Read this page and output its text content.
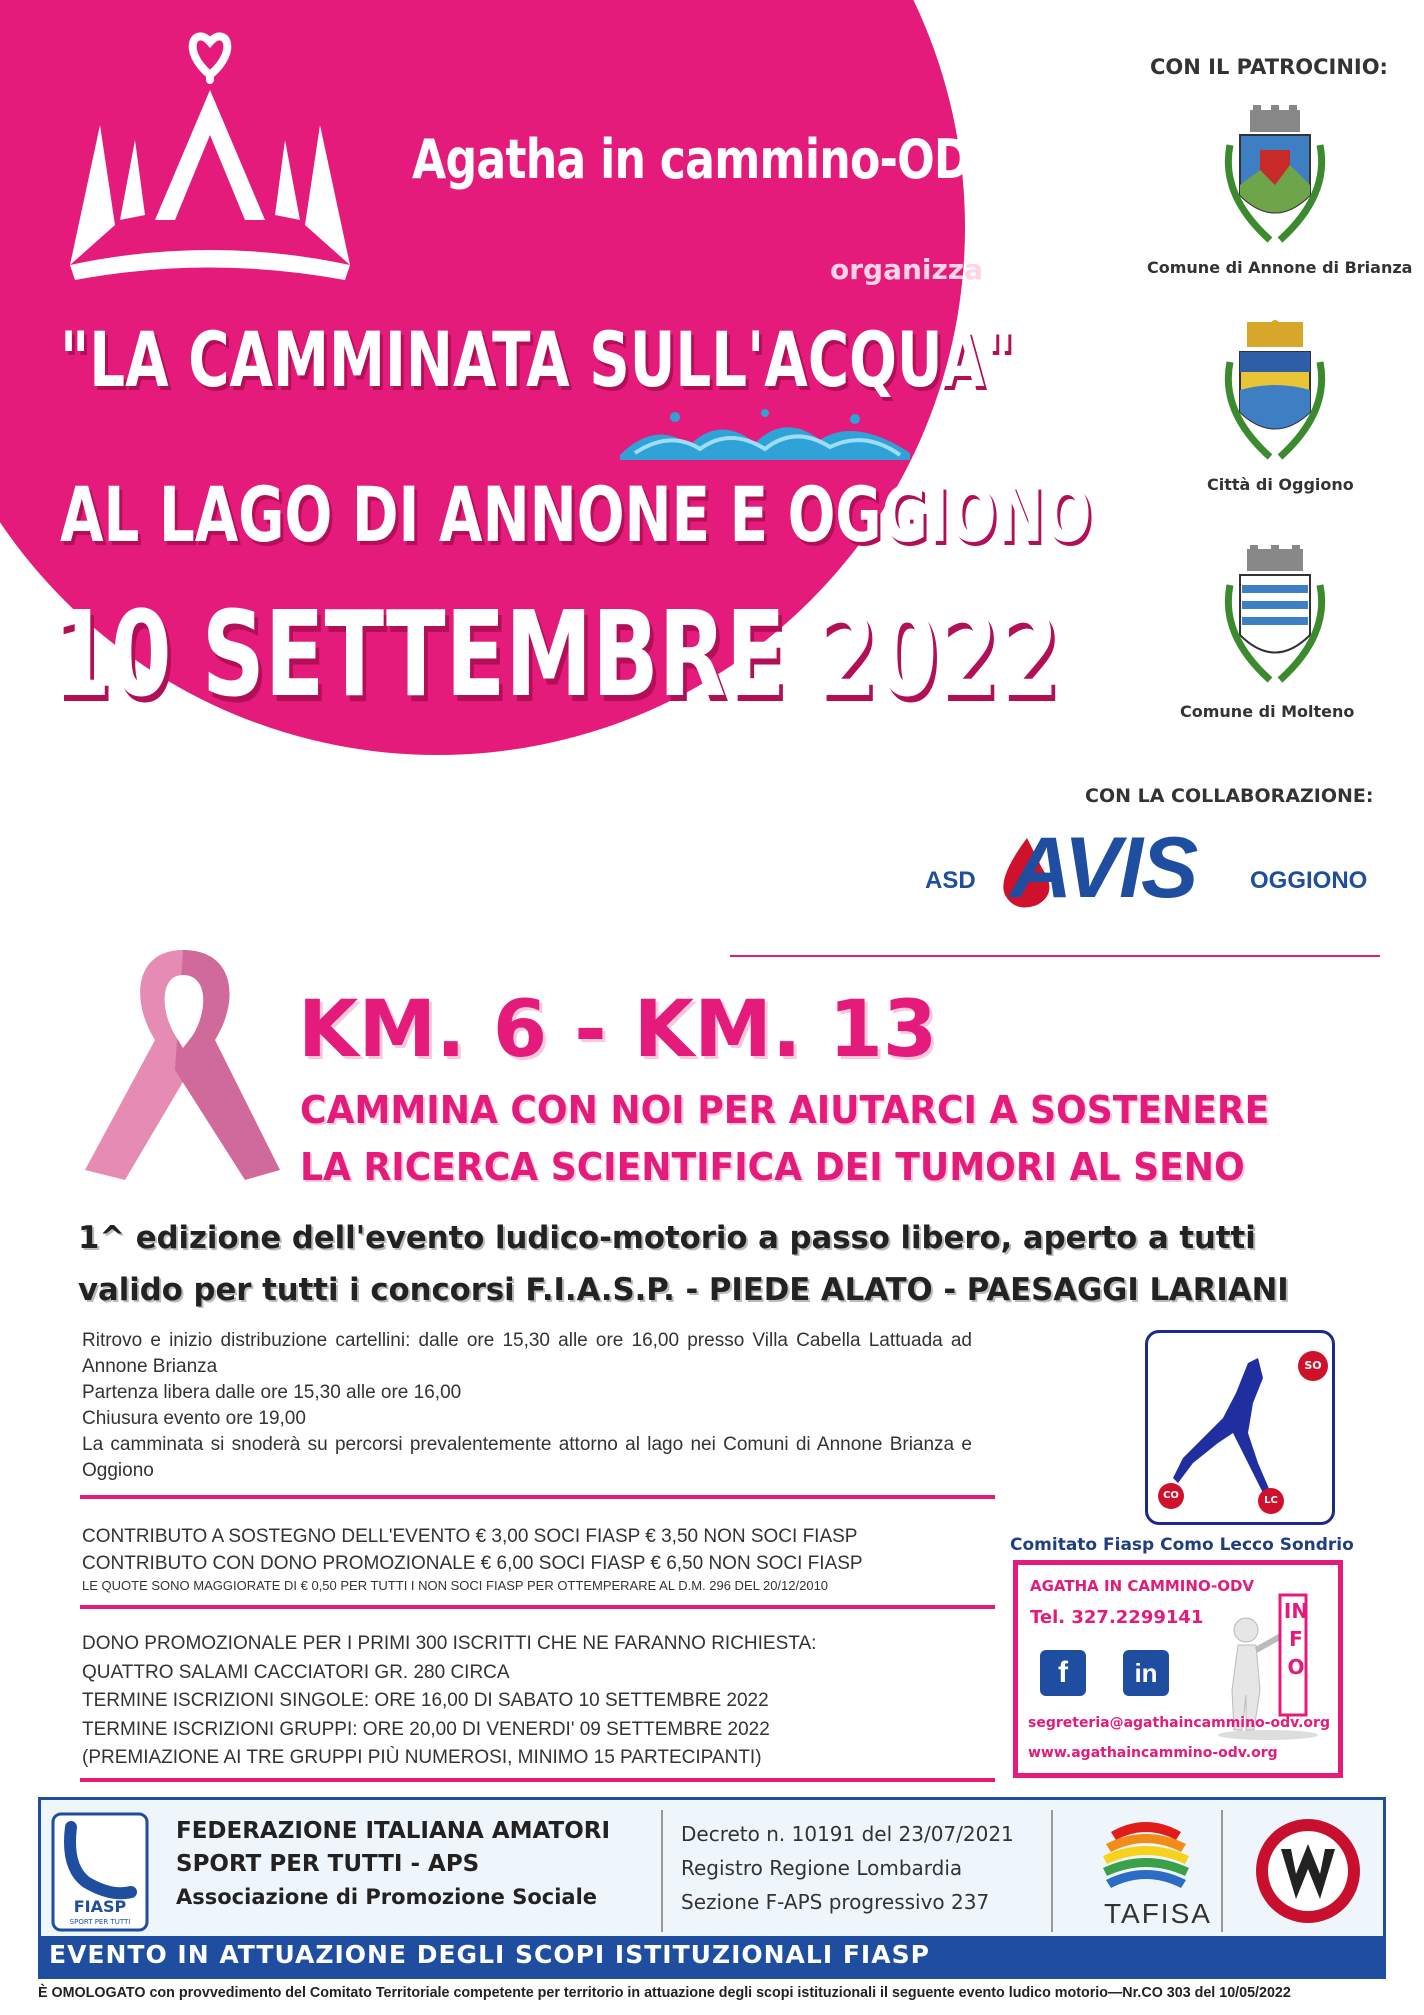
Agatha in cammino-ODV
organizza
"LA CAMMINATA SULL'ACQUA"
AL LAGO DI ANNONE E OGGIONO
10 SETTEMBRE 2022
CON IL PATROCINIO:
Comune di Annone di Brianza
Città di Oggiono
Comune di Molteno
CON LA COLLABORAZIONE:
ASD AVIS OGGIONO
KM. 6 - KM. 13
CAMMINA CON NOI PER AIUTARCI A SOSTENERE
LA RICERCA SCIENTIFICA DEI TUMORI AL SENO
1^ edizione dell'evento ludico-motorio a passo libero, aperto a tutti
valido per tutti i concorsi F.I.A.S.P. - PIEDE ALATO - PAESAGGI LARIANI
Ritrovo e inizio distribuzione cartellini: dalle ore 15,30 alle ore 16,00 presso Villa Cabella Lattuada ad Annone Brianza
Partenza libera dalle ore 15,30 alle ore 16,00
Chiusura evento ore 19,00
La camminata si snoderà su percorsi prevalentemente attorno al lago nei Comuni di Annone Brianza e Oggiono
CONTRIBUTO A SOSTEGNO DELL'EVENTO € 3,00 SOCI FIASP € 3,50 NON SOCI FIASP
CONTRIBUTO CON DONO PROMOZIONALE € 6,00 SOCI FIASP € 6,50 NON SOCI FIASP
LE QUOTE SONO MAGGIORATE DI € 0,50 PER TUTTI I NON SOCI FIASP PER OTTEMPERARE AL D.M. 296 DEL 20/12/2010
DONO PROMOZIONALE PER I PRIMI 300 ISCRITTI CHE NE FARANNO RICHIESTA:
QUATTRO SALAMI CACCIATORI GR. 280 CIRCA
TERMINE ISCRIZIONI SINGOLE: ORE 16,00 DI SABATO 10 SETTEMBRE 2022
TERMINE ISCRIZIONI GRUPPI: ORE 20,00 DI VENERDI' 09 SETTEMBRE 2022
(PREMIAZIONE AI TRE GRUPPI PIÙ NUMEROSI, MINIMO 15 PARTECIPANTI)
SO
CO	LC
Comitato Fiasp Como Lecco Sondrio
AGATHA IN CAMMINO-ODV
Tel. 327.2299141
f	in
INFO
segreteria@agathaincammino-odv.org
www.agathaincammino-odv.org
FIASP
SPORT PER TUTTI
FEDERAZIONE ITALIANA AMATORI
SPORT PER TUTTI - APS
Associazione di Promozione Sociale
Decreto n. 10191 del 23/07/2021
Registro Regione Lombardia
Sezione F-APS progressivo 237	TAFISA
EVENTO IN ATTUAZIONE DEGLI SCOPI ISTITUZIONALI FIASP
È OMOLOGATO con provvedimento del Comitato Territoriale competente per territorio in attuazione degli scopi istituzionali il seguente evento ludico motorio—Nr.CO 303 del 10/05/2022
